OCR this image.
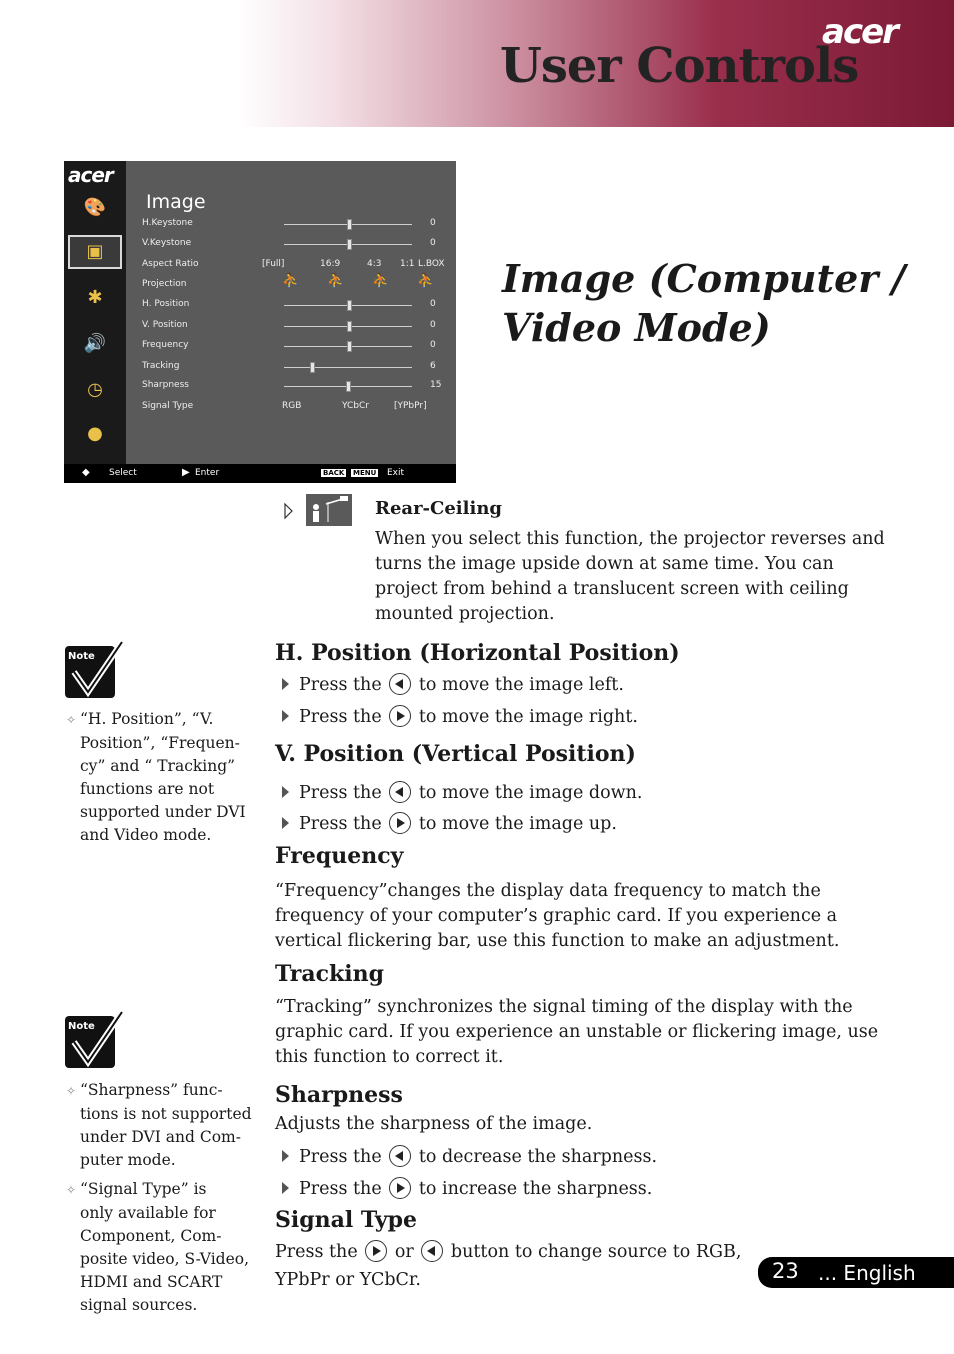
acer
User Controls
acer
🎨
▣
✱
🔊
◷
●
Image
H.Keystone	0
V.Keystone	0
Aspect Ratio	[Full]	16:9	4:3 1:1 L.BOX
Projection	⛹ ⛹ ⛹ ⛹
H. Position	0
V. Position	0
Frequency	0
Tracking	6
Sharpness	15
Signal Type	RGB	YCbCr	[YPbPr]
◆ Select	▶ Enter	BACK MENU Exit
Image (Computer / Video Mode)
Rear-Ceiling
When you select this function, the projector reverses and turns the image upside down at same time. You can project from behind a translucent screen with ceiling mounted projection.
H. Position (Horizontal Position)
Press the to move the image left.
Press the to move the image right.
V. Position (Vertical Position)
Press the to move the image down.
Press the to move the image up.
Frequency
“Frequency”changes the display data frequency to match the frequency of your computer’s graphic card. If you experience a vertical flickering bar, use this function to make an adjustment.
Tracking
“Tracking” synchronizes the signal timing of the display with the graphic card. If you experience an unstable or flickering image, use this function to correct it.
Sharpness
Adjusts the sharpness of the image.
Press the to decrease the sharpness.
Press the to increase the sharpness.
Signal Type
Press the or button to change source to RGB,
YPbPr or YCbCr.
Note
Note
✧ “H. Position”, “V.
Position”, “Frequen-
cy” and “ Tracking”
functions are not
supported under DVI
and Video mode.
✧ “Sharpness” func-
tions is not supported
under DVI and Com-
puter mode.
✧ “Signal Type” is
only available for
Component, Com-
posite video, S-Video,
HDMI and SCART
signal sources.
23 ... English
